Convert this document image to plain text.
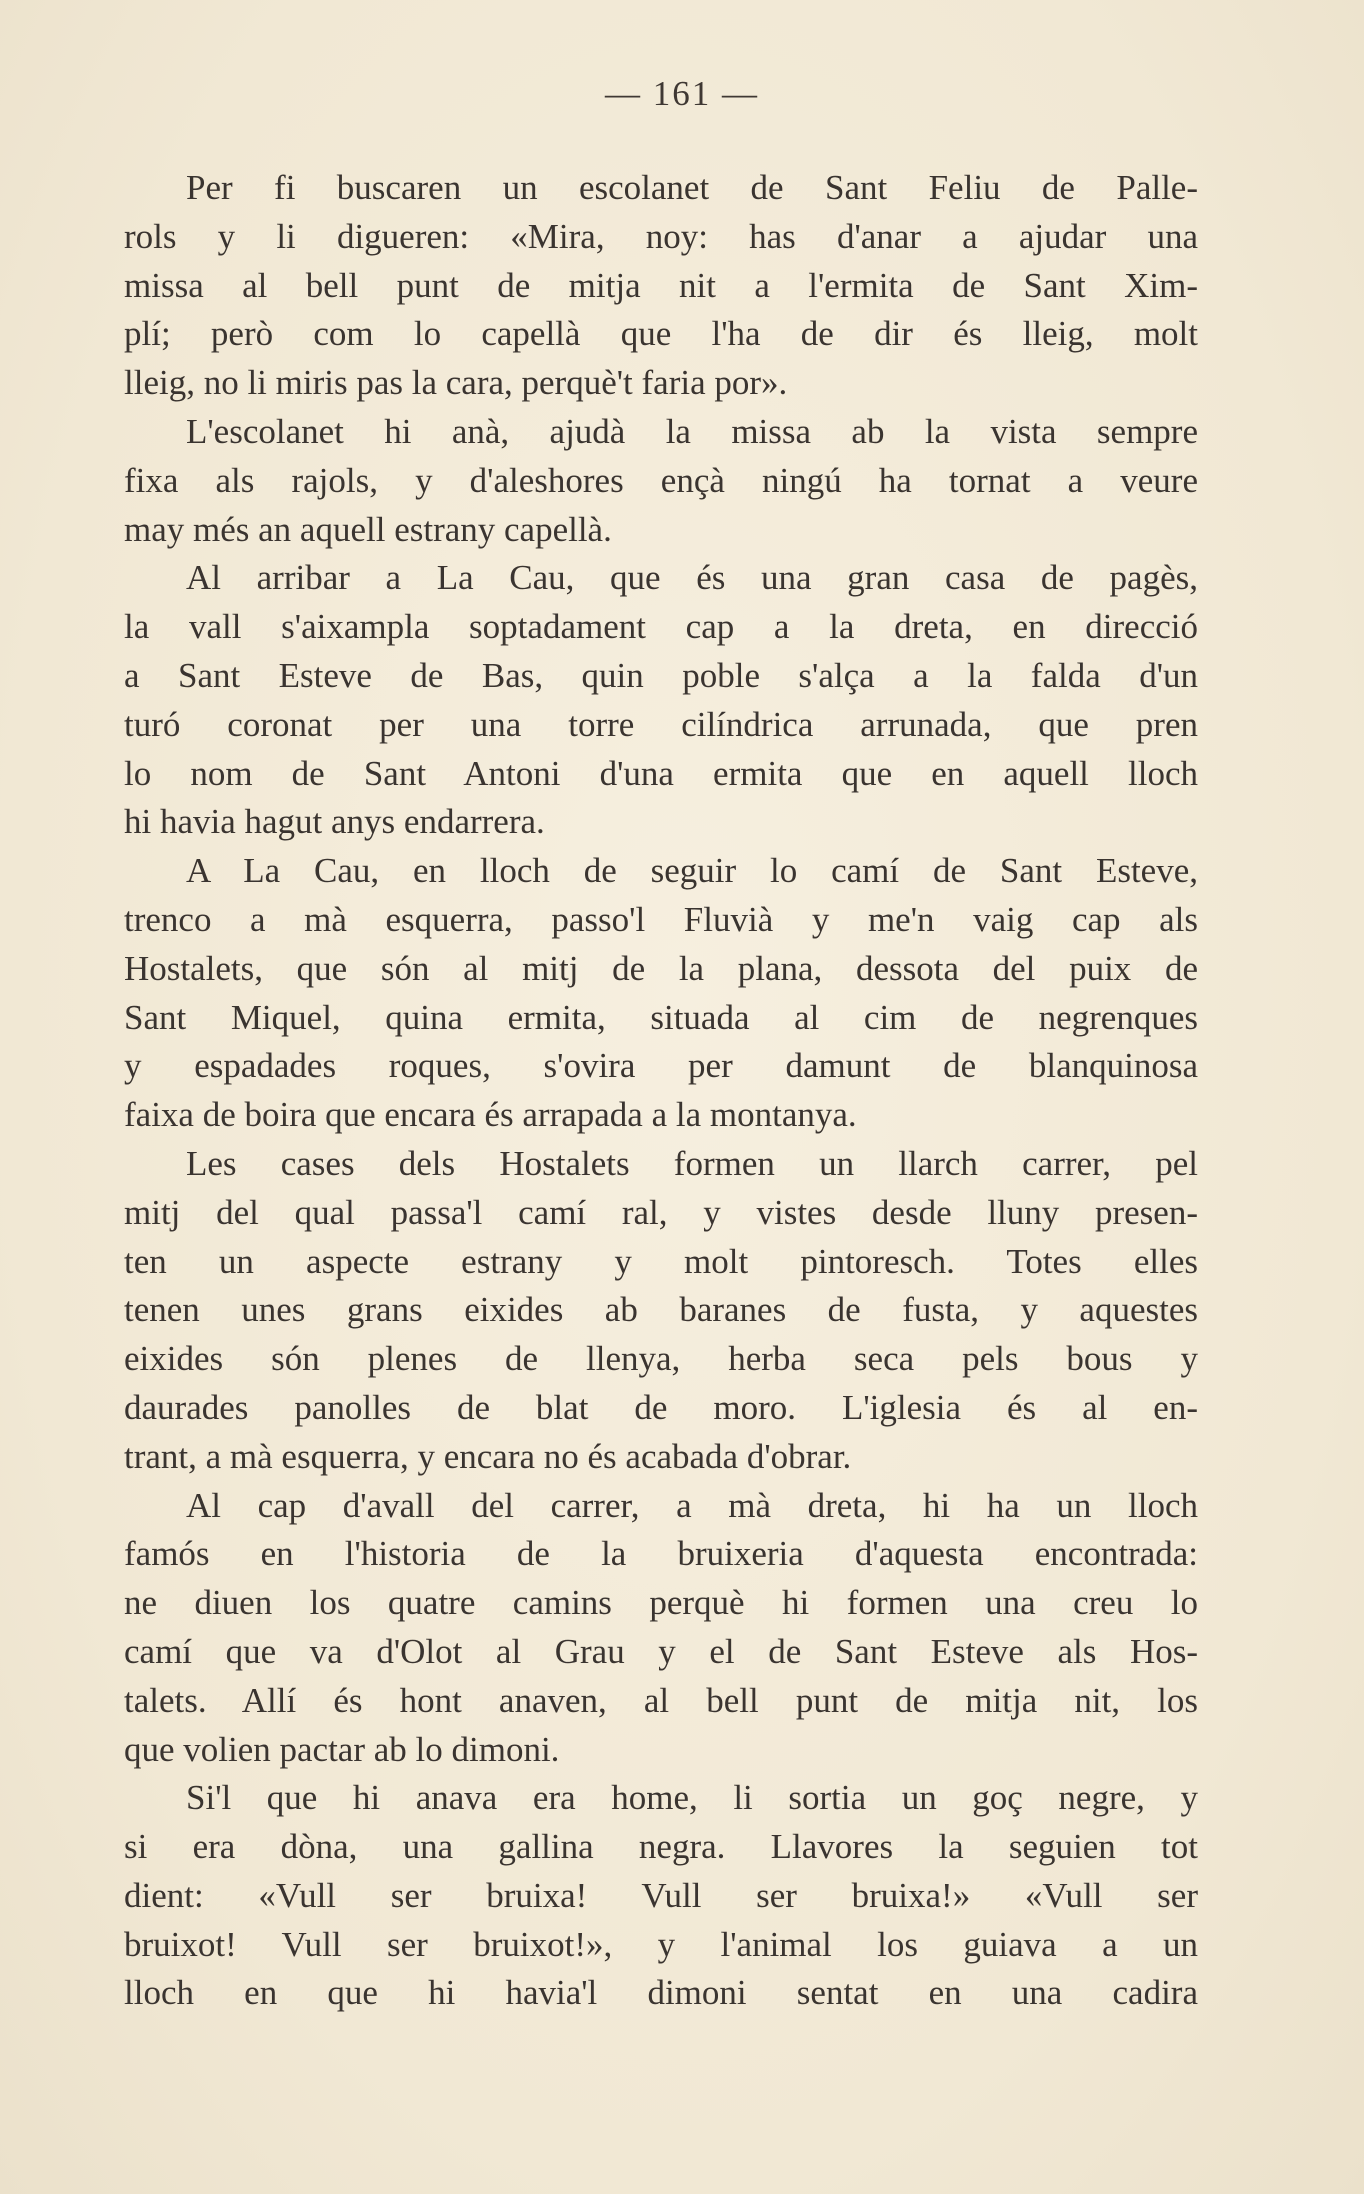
— 161 —
Per fi buscaren un escolanet de Sant Feliu de Palle-
rols y li digueren: «Mira, noy: has d'anar a ajudar una
missa al bell punt de mitja nit a l'ermita de Sant Xim-
plí; però com lo capellà que l'ha de dir és lleig, molt
lleig, no li miris pas la cara, perquè't faria por».
L'escolanet hi anà, ajudà la missa ab la vista sempre
fixa als rajols, y d'aleshores ençà ningú ha tornat a veure
may més an aquell estrany capellà.
Al arribar a La Cau, que és una gran casa de pagès,
la vall s'aixampla soptadament cap a la dreta, en direcció
a Sant Esteve de Bas, quin poble s'alça a la falda d'un
turó coronat per una torre cilíndrica arrunada, que pren
lo nom de Sant Antoni d'una ermita que en aquell lloch
hi havia hagut anys endarrera.
A La Cau, en lloch de seguir lo camí de Sant Esteve,
trenco a mà esquerra, passo'l Fluvià y me'n vaig cap als
Hostalets, que són al mitj de la plana, dessota del puix de
Sant Miquel, quina ermita, situada al cim de negrenques
y espadades roques, s'ovira per damunt de blanquinosa
faixa de boira que encara és arrapada a la montanya.
Les cases dels Hostalets formen un llarch carrer, pel
mitj del qual passa'l camí ral, y vistes desde lluny presen-
ten un aspecte estrany y molt pintoresch. Totes elles
tenen unes grans eixides ab baranes de fusta, y aquestes
eixides són plenes de llenya, herba seca pels bous y
daurades panolles de blat de moro. L'iglesia és al en-
trant, a mà esquerra, y encara no és acabada d'obrar.
Al cap d'avall del carrer, a mà dreta, hi ha un lloch
famós en l'historia de la bruixeria d'aquesta encontrada:
ne diuen los quatre camins perquè hi formen una creu lo
camí que va d'Olot al Grau y el de Sant Esteve als Hos-
talets. Allí és hont anaven, al bell punt de mitja nit, los
que volien pactar ab lo dimoni.
Si'l que hi anava era home, li sortia un goç negre, y
si era dòna, una gallina negra. Llavores la seguien tot
dient: «Vull ser bruixa! Vull ser bruixa!» «Vull ser
bruixot! Vull ser bruixot!», y l'animal los guiava a un
lloch en que hi havia'l dimoni sentat en una cadira
